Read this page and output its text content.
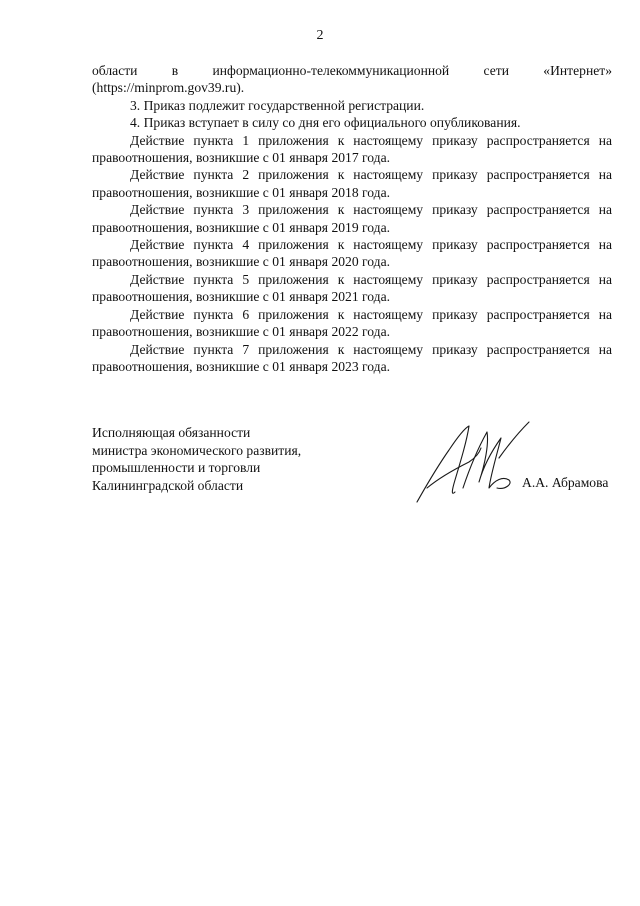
2

области в информационно-телекоммуникационной сети «Интернет»

(https://minprom.gov39.ru).

3. Приказ подлежит государственной регистрации.

4. Приказ вступает в силу со дня его официального опубликования.

Действие пункта 1 приложения к настоящему приказу распространяется на правоотношения, возникшие с 01 января 2017 года.

Действие пункта 2 приложения к настоящему приказу распространяется на правоотношения, возникшие с 01 января 2018 года.

Действие пункта 3 приложения к настоящему приказу распространяется на правоотношения, возникшие с 01 января 2019 года.

Действие пункта 4 приложения к настоящему приказу распространяется на правоотношения, возникшие с 01 января 2020 года.

Действие пункта 5 приложения к настоящему приказу распространяется на правоотношения, возникшие с 01 января 2021 года.

Действие пункта 6 приложения к настоящему приказу распространяется на правоотношения, возникшие с 01 января 2022 года.

Действие пункта 7 приложения к настоящему приказу распространяется на правоотношения, возникшие с 01 января 2023 года.

Исполняющая обязанности
министра экономического развития,
промышленности и торговли
Калининградской области	А.А. Абрамова
